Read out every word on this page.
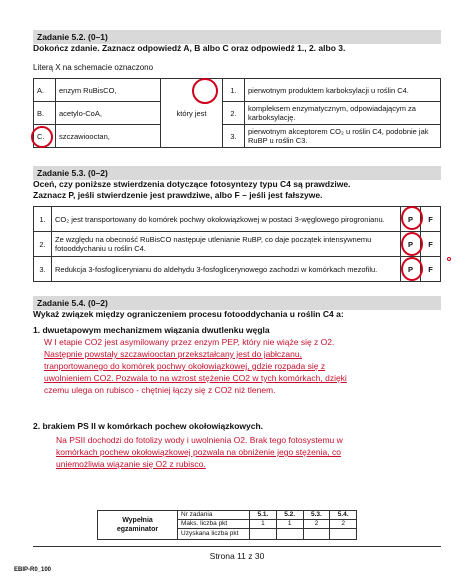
Zadanie 5.2. (0–1)
Dokończ zdanie. Zaznacz odpowiedź A, B albo C oraz odpowiedź 1., 2. albo 3.
Literą X na schemacie oznaczono
A.	enzym RuBisCO,	który jest	1.	pierwotnym produktem karboksylacji u roślin C4.
B.	acetylo-CoA,		2.	kompleksem enzymatycznym, odpowiadającym za karboksylację.
C.	szczawiooctan,		3.	pierwotnym akceptorem CO₂ u roślin C4, podobnie jak RuBP u roślin C3.
Zadanie 5.3. (0–2)
Oceń, czy poniższe stwierdzenia dotyczące fotosyntezy typu C4 są prawdziwe.
Zaznacz P, jeśli stwierdzenie jest prawdziwe, albo F – jeśli jest fałszywe.
1.	CO₂ jest transportowany do komórek pochwy okołowiązkowej w postaci 3-węglowego pirogronianu.	P	F
2.	Ze względu na obecność RuBisCO następuje utlenianie RuBP, co daje początek intensywnemu fotooddychaniu u roślin C4.	P	F
3.	Redukcja 3-fosfoglicerynianu do aldehydu 3-fosfoglicerynowego zachodzi w komórkach mezofilu.	P	F
Zadanie 5.4. (0–2)
Wykaż związek między ograniczeniem procesu fotooddychania u roślin C4 a:
1. dwuetapowym mechanizmem wiązania dwutlenku węgla
W I etapie CO2 jest asymilowany przez enzym PEP, który nie wiąże się z O2.
Następnie powstały szczawiooctan przekształcany jest do jabłczanu,
tranportowanego do komórek pochwy okołowiązkowej, gdzie rozpada się z
uwolnieniem CO2. Pozwala to na wzrost stężenie CO2 w tych komórkach, dzięki
czemu ulega on rubisco - chętniej łączy się z CO2 niż tlenem.
2. brakiem PS II w komórkach pochew okołowiązkowych.
Na PSII dochodzi do fotolizy wody i uwolnienia O2. Brak tego fotosystemu w
komórkach pochew okołowiązkowej pozwala na obniżenie jego stężenia, co
uniemożliwia wiązanie się O2 z rubisco.
Wypełnia
egzaminator	Nr zadania	5.1.	5.2.	5.3.	5.4.
	Maks. liczba pkt	1	1	2	2
	Uzyskana liczba pkt				
Strona 11 z 30
EBIP-R0_100
